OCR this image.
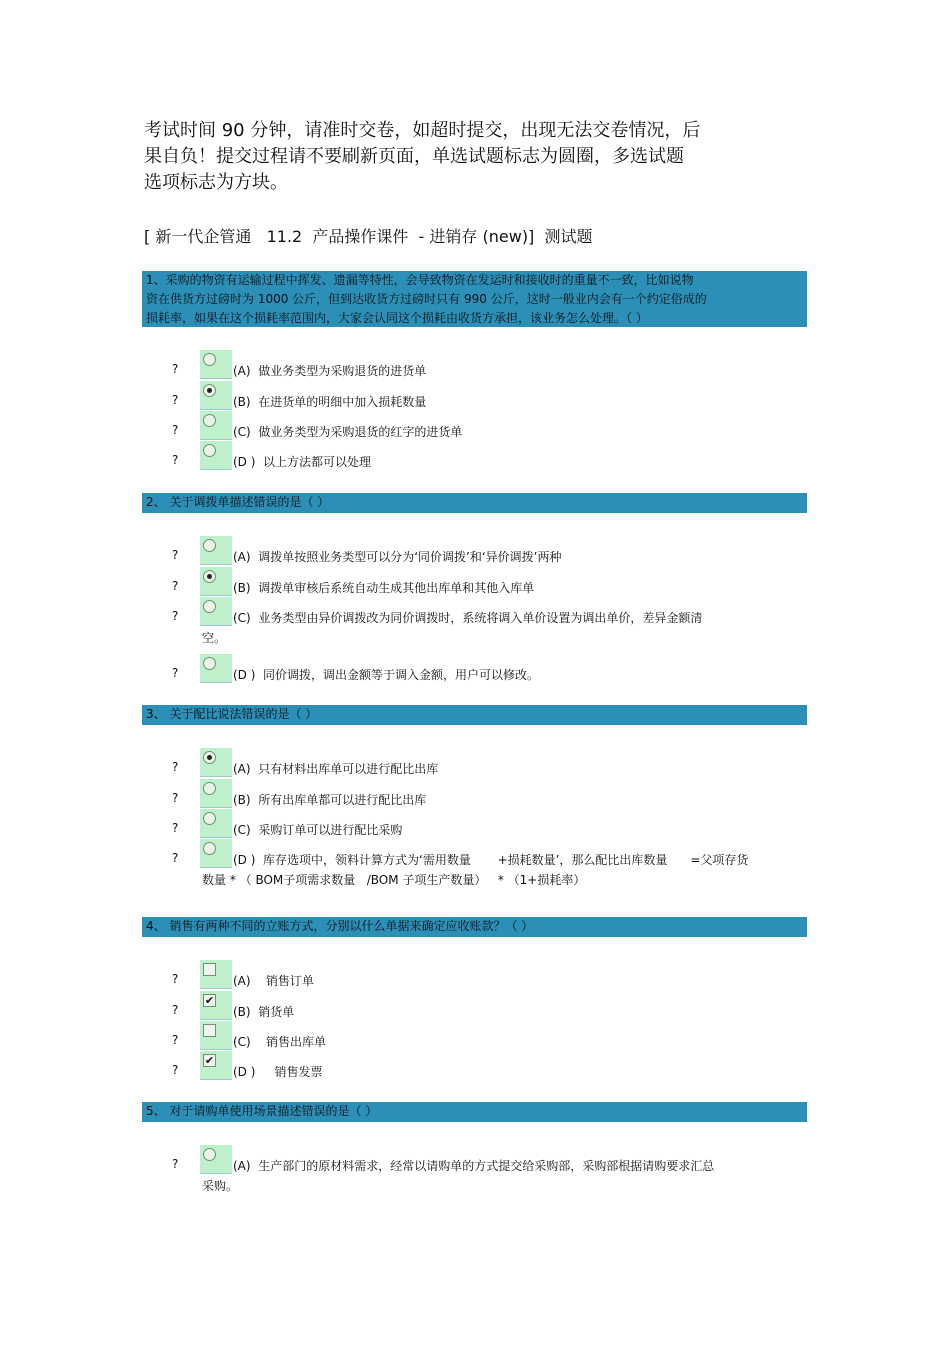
考试时间 90 分钟，请准时交卷，如超时提交，出现无法交卷情况，后
果自负！提交过程请不要刷新页面，单选试题标志为圆圈，多选试题
选项标志为方块。
[ 新一代企管通   11.2  产品操作课件  - 进销存 (new)]  测试题
1、采购的物资有运输过程中挥发、遗漏等特性，会导致物资在发运时和接收时的重量不一致，比如说物
资在供货方过磅时为 1000 公斤，但到达收货方过磅时只有 990 公斤，这时一般业内会有一个约定俗成的
损耗率，如果在这个损耗率范围内，大家会认同这个损耗由收货方承担，该业务怎么处理。（ ）
?	(A)  做业务类型为采购退货的进货单
?	(B)  在进货单的明细中加入损耗数量
?	(C)  做业务类型为采购退货的红字的进货单
?	(D )  以上方法都可以处理
2、 关于调拨单描述错误的是（ ）
?	(A)  调拨单按照业务类型可以分为‘同价调拨’和‘异价调拨’两种
?	(B)  调拨单审核后系统自动生成其他出库单和其他入库单
?	(C)  业务类型由异价调拨改为同价调拨时，系统将调入单价设置为调出单价，差异金额清
空。
?	(D )  同价调拨，调出金额等于调入金额，用户可以修改。
3、 关于配比说法错误的是（ ）
?	(A)  只有材料出库单可以进行配比出库
?	(B)  所有出库单都可以进行配比出库
?	(C)  采购订单可以进行配比采购
?	(D )  库存选项中，领料计算方式为‘需用数量       +损耗数量’，那么配比出库数量      =父项存货
数量 * （ BOM子项需求数量   /BOM 子项生产数量）   * （1+损耗率）
4、 销售有两种不同的立账方式，分别以什么单据来确定应收账款？（ ）
?	(A)    销售订单
?
✔
(B)  销货单
?	(C)    销售出库单
?
✔
(D )     销售发票
5、 对于请购单使用场景描述错误的是（ ）
?	(A)  生产部门的原材料需求，经常以请购单的方式提交给采购部，采购部根据请购要求汇总
采购。
